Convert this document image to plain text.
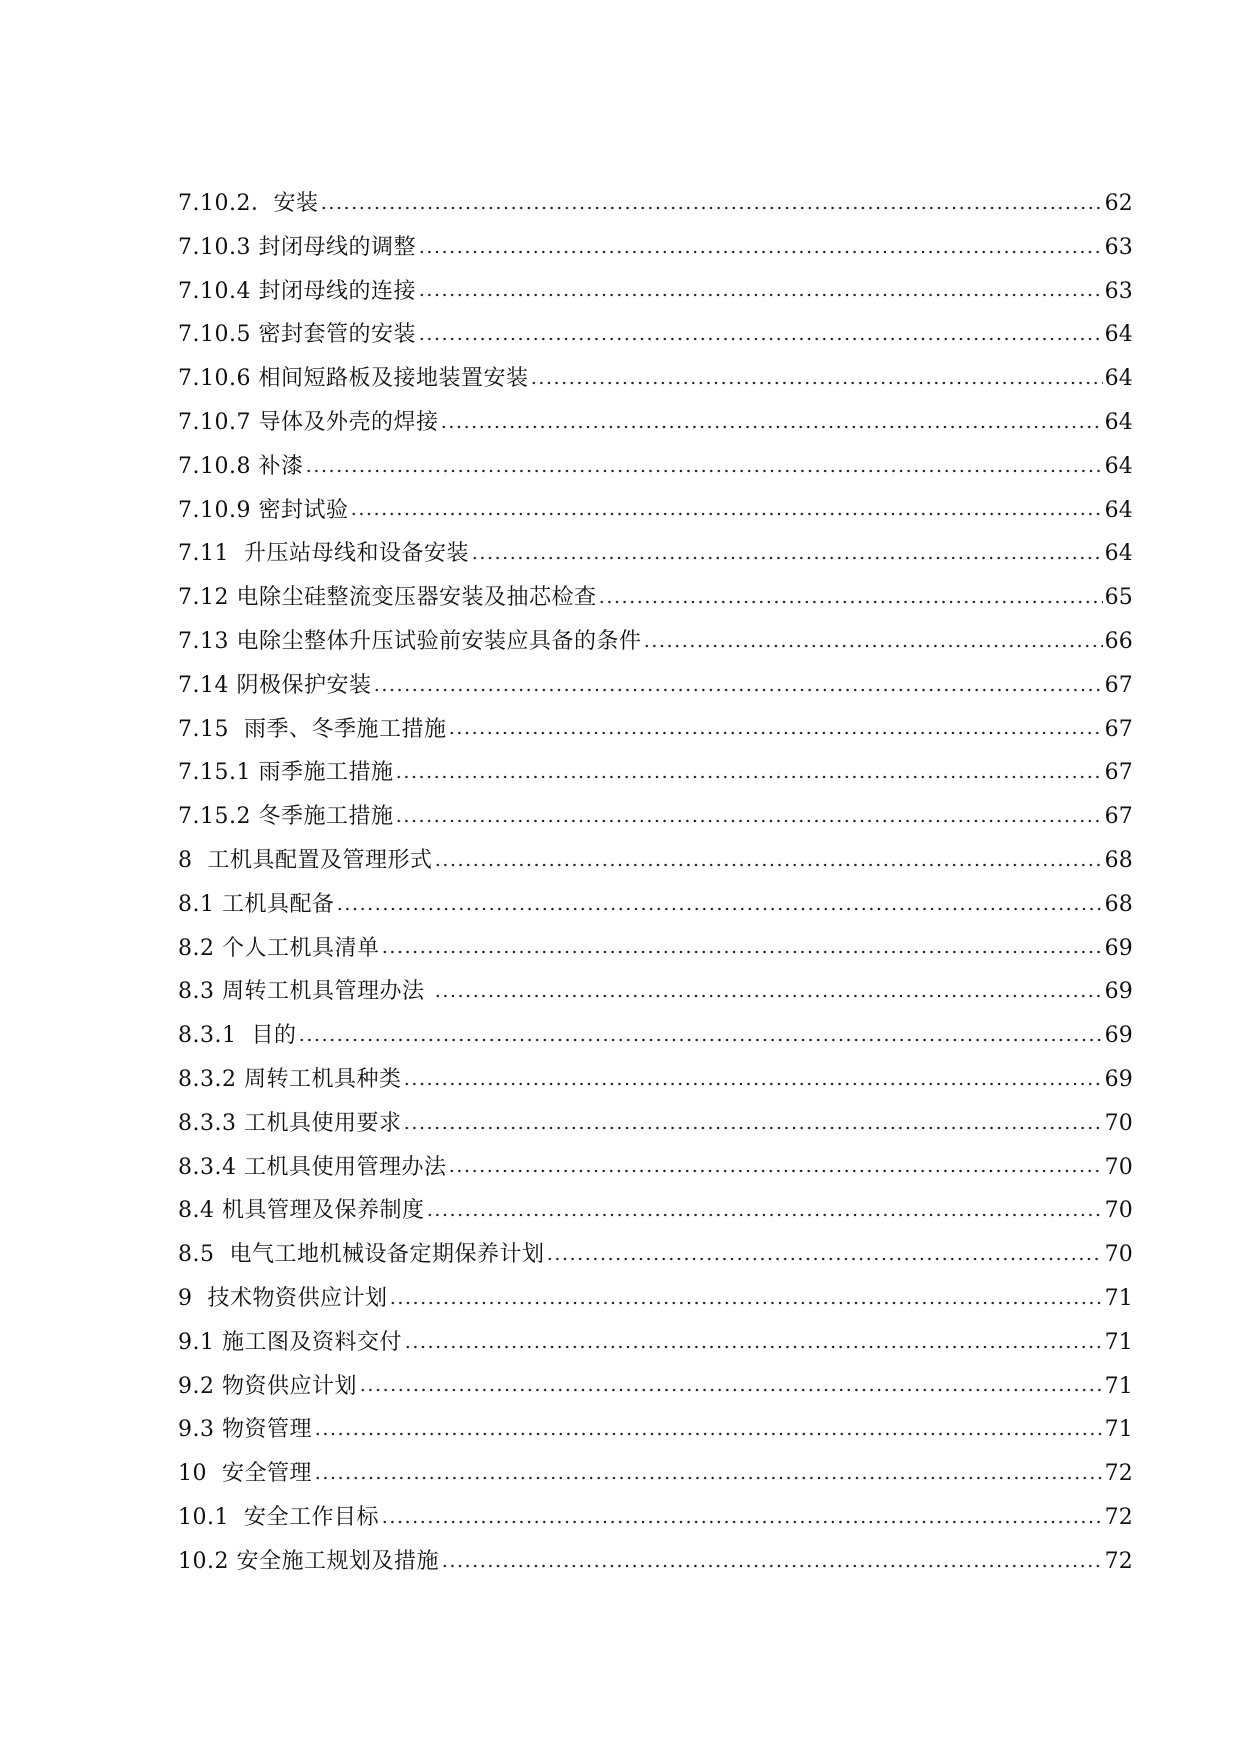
7.10.2．安装	62
7.10.3 封闭母线的调整	63
7.10.4 封闭母线的连接	63
7.10.5 密封套管的安装	64
7.10.6 相间短路板及接地装置安装	64
7.10.7 导体及外壳的焊接	64
7.10.8 补漆	64
7.10.9 密封试验	64
7.11  升压站母线和设备安装	64
7.12 电除尘硅整流变压器安装及抽芯检查	65
7.13 电除尘整体升压试验前安装应具备的条件	66
7.14 阴极保护安装	67
7.15  雨季、冬季施工措施	67
7.15.1 雨季施工措施	67
7.15.2 冬季施工措施	67
8  工机具配置及管理形式	68
8.1 工机具配备	68
8.2 个人工机具清单	69
8.3 周转工机具管理办法	69
8.3.1  目的	69
8.3.2 周转工机具种类	69
8.3.3 工机具使用要求	70
8.3.4 工机具使用管理办法	70
8.4 机具管理及保养制度	70
8.5  电气工地机械设备定期保养计划	70
9  技术物资供应计划	71
9.1 施工图及资料交付	71
9.2 物资供应计划	71
9.3 物资管理	71
10  安全管理	72
10.1  安全工作目标	72
10.2 安全施工规划及措施	72
